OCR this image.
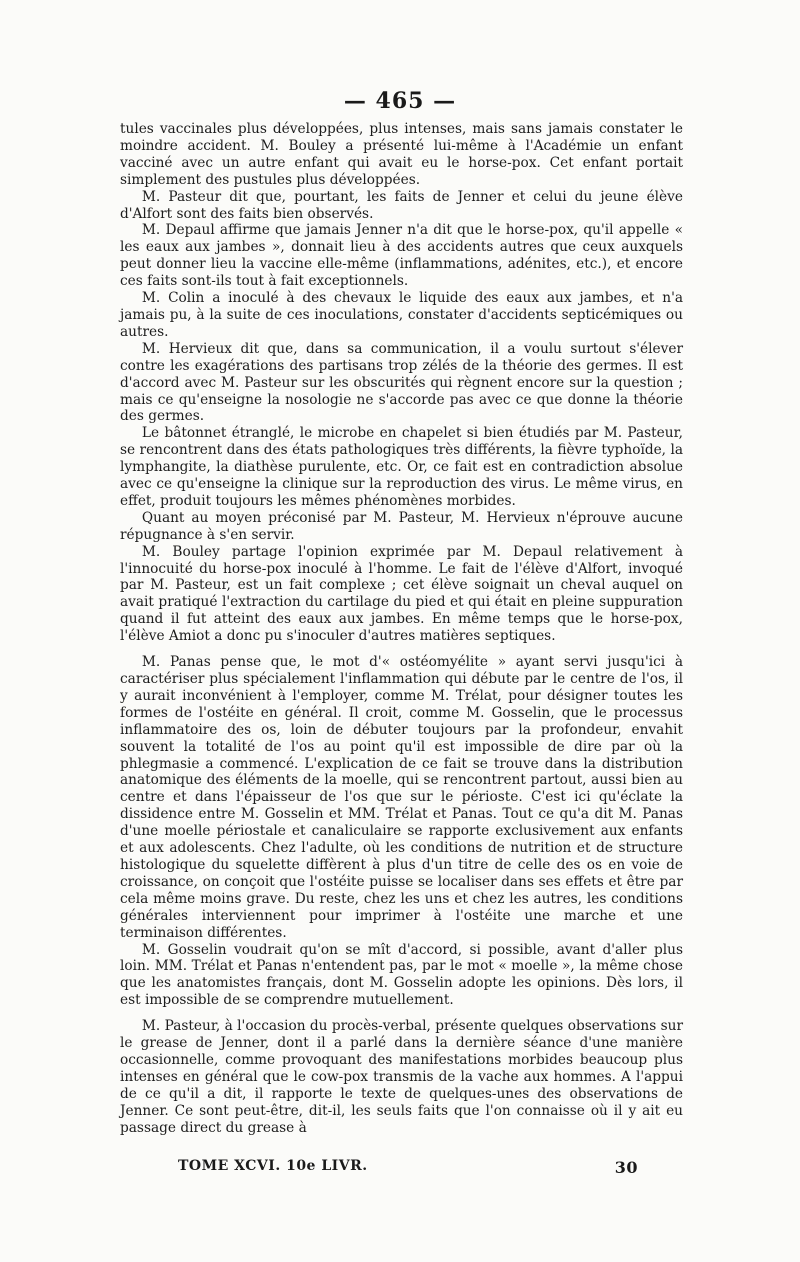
— 465 —

tules vaccinales plus développées, plus intenses, mais sans jamais constater le moindre accident. M. Bouley a présenté lui-même à l'Académie un enfant vacciné avec un autre enfant qui avait eu le horse-pox. Cet enfant portait simplement des pustules plus développées.

M. Pasteur dit que, pourtant, les faits de Jenner et celui du jeune élève d'Alfort sont des faits bien observés.

M. Depaul affirme que jamais Jenner n'a dit que le horse-pox, qu'il appelle « les eaux aux jambes », donnait lieu à des accidents autres que ceux auxquels peut donner lieu la vaccine elle-même (inflammations, adénites, etc.), et encore ces faits sont-ils tout à fait exceptionnels.

M. Colin a inoculé à des chevaux le liquide des eaux aux jambes, et n'a jamais pu, à la suite de ces inoculations, constater d'accidents septicémiques ou autres.

M. Hervieux dit que, dans sa communication, il a voulu surtout s'élever contre les exagérations des partisans trop zélés de la théorie des germes. Il est d'accord avec M. Pasteur sur les obscurités qui règnent encore sur la question ; mais ce qu'enseigne la nosologie ne s'accorde pas avec ce que donne la théorie des germes.

Le bâtonnet étranglé, le microbe en chapelet si bien étudiés par M. Pasteur, se rencontrent dans des états pathologiques très différents, la fièvre typhoïde, la lymphangite, la diathèse purulente, etc. Or, ce fait est en contradiction absolue avec ce qu'enseigne la clinique sur la reproduction des virus. Le même virus, en effet, produit toujours les mêmes phénomènes morbides.

Quant au moyen préconisé par M. Pasteur, M. Hervieux n'éprouve aucune répugnance à s'en servir.

M. Bouley partage l'opinion exprimée par M. Depaul relativement à l'innocuité du horse-pox inoculé à l'homme. Le fait de l'élève d'Alfort, invoqué par M. Pasteur, est un fait complexe ; cet élève soignait un cheval auquel on avait pratiqué l'extraction du cartilage du pied et qui était en pleine suppuration quand il fut atteint des eaux aux jambes. En même temps que le horse-pox, l'élève Amiot a donc pu s'inoculer d'autres matières septiques.

M. Panas pense que, le mot d'« ostéomyélite » ayant servi jusqu'ici à caractériser plus spécialement l'inflammation qui débute par le centre de l'os, il y aurait inconvénient à l'employer, comme M. Trélat, pour désigner toutes les formes de l'ostéite en général. Il croit, comme M. Gosselin, que le processus inflammatoire des os, loin de débuter toujours par la profondeur, envahit souvent la totalité de l'os au point qu'il est impossible de dire par où la phlegmasie a commencé. L'explication de ce fait se trouve dans la distribution anatomique des éléments de la moelle, qui se rencontrent partout, aussi bien au centre et dans l'épaisseur de l'os que sur le périoste. C'est ici qu'éclate la dissidence entre M. Gosselin et MM. Trélat et Panas. Tout ce qu'a dit M. Panas d'une moelle périostale et canaliculaire se rapporte exclusivement aux enfants et aux adolescents. Chez l'adulte, où les conditions de nutrition et de structure histologique du squelette diffèrent à plus d'un titre de celle des os en voie de croissance, on conçoit que l'ostéite puisse se localiser dans ses effets et être par cela même moins grave. Du reste, chez les uns et chez les autres, les conditions générales interviennent pour imprimer à l'ostéite une marche et une terminaison différentes.

M. Gosselin voudrait qu'on se mît d'accord, si possible, avant d'aller plus loin. MM. Trélat et Panas n'entendent pas, par le mot « moelle », la même chose que les anatomistes français, dont M. Gosselin adopte les opinions. Dès lors, il est impossible de se comprendre mutuellement.

M. Pasteur, à l'occasion du procès-verbal, présente quelques observations sur le grease de Jenner, dont il a parlé dans la dernière séance d'une manière occasionnelle, comme provoquant des manifestations morbides beaucoup plus intenses en général que le cow-pox transmis de la vache aux hommes. A l'appui de ce qu'il a dit, il rapporte le texte de quelques-unes des observations de Jenner. Ce sont peut-être, dit-il, les seuls faits que l'on connaisse où il y ait eu passage direct du grease à

TOME XCVI. 10e LIVR.	30
